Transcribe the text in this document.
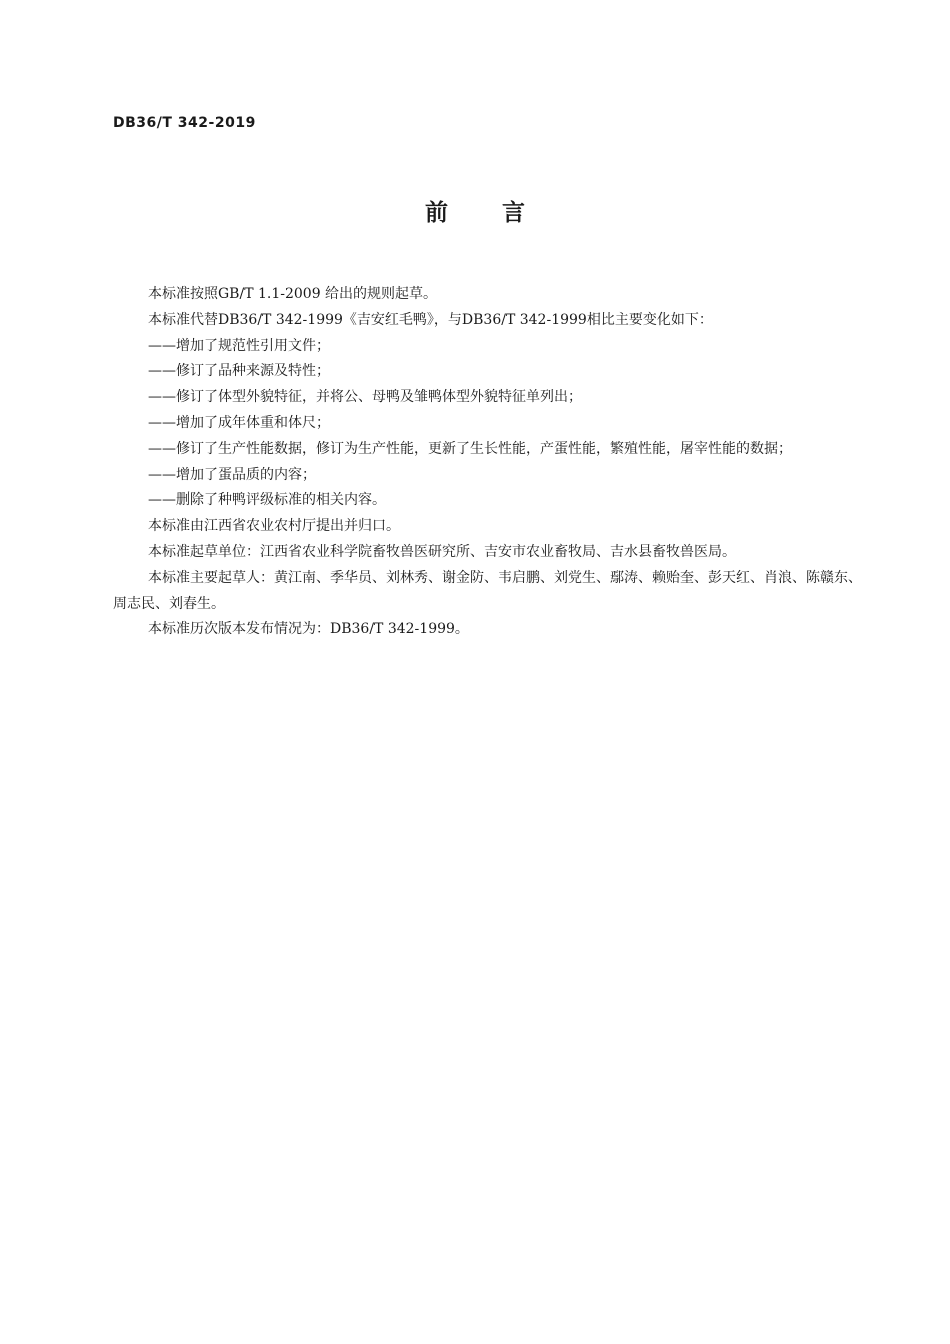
DB36/T 342-2019
前言

本标准按照GB/T 1.1-2009 给出的规则起草。

本标准代替DB36/T 342-1999《吉安红毛鸭》，与DB36/T 342-1999相比主要变化如下：

——增加了规范性引用文件；

——修订了品种来源及特性；

——修订了体型外貌特征，并将公、母鸭及雏鸭体型外貌特征单列出；

——增加了成年体重和体尺；

——修订了生产性能数据，修订为生产性能，更新了生长性能，产蛋性能，繁殖性能，屠宰性能的数据；

——增加了蛋品质的内容；

——删除了种鸭评级标准的相关内容。

本标准由江西省农业农村厅提出并归口。

本标准起草单位：江西省农业科学院畜牧兽医研究所、吉安市农业畜牧局、吉水县畜牧兽医局。

本标准主要起草人：黄江南、季华员、刘林秀、谢金防、韦启鹏、刘党生、鄢涛、赖贻奎、彭天红、肖浪、陈赣东、周志民、刘春生。

本标准历次版本发布情况为：DB36/T 342-1999。
